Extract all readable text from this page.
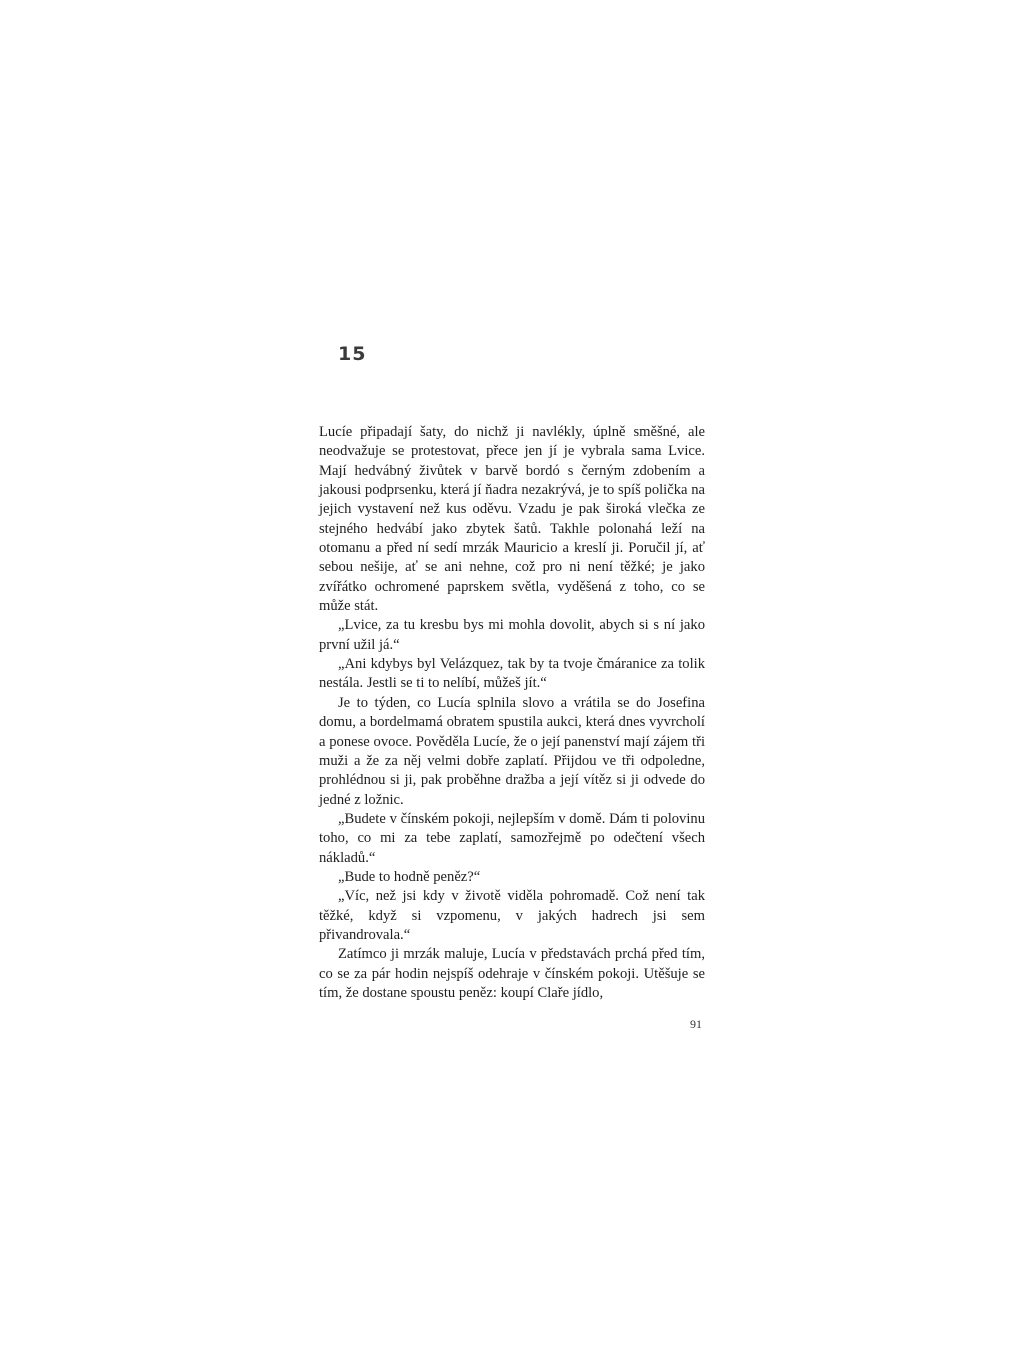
15

Lucíe připadají šaty, do nichž ji navlékly, úplně směšné, ale neodvažuje se protestovat, přece jen jí je vybrala sama Lvice. Mají hedvábný živůtek v barvě bordó s černým zdobením a jakousi podprsenku, která jí ňadra nezakrývá, je to spíš polička na jejich vystavení než kus oděvu. Vzadu je pak široká vlečka ze stejného hedvábí jako zbytek šatů. Takhle polonahá leží na otomanu a před ní sedí mrzák Mauricio a kreslí ji. Poručil jí, ať sebou nešije, ať se ani nehne, což pro ni není těžké; je jako zvířátko ochromené paprskem světla, vyděšená z toho, co se může stát.

„Lvice, za tu kresbu bys mi mohla dovolit, abych si s ní jako první užil já.“

„Ani kdybys byl Velázquez, tak by ta tvoje čmáranice za tolik nestála. Jestli se ti to nelíbí, můžeš jít.“

Je to týden, co Lucía splnila slovo a vrátila se do Josefina domu, a bordelmamá obratem spustila aukci, která dnes vyvrcholí a ponese ovoce. Pověděla Lucíe, že o její panenství mají zájem tři muži a že za něj velmi dobře zaplatí. Přijdou ve tři odpoledne, prohlédnou si ji, pak proběhne dražba a její vítěz si ji odvede do jedné z ložnic.

„Budete v čínském pokoji, nejlepším v domě. Dám ti polovinu toho, co mi za tebe zaplatí, samozřejmě po odečtení všech nákladů.“

„Bude to hodně peněz?“

„Víc, než jsi kdy v životě viděla pohromadě. Což není tak těžké, když si vzpomenu, v jakých hadrech jsi sem přivandrovala.“

Zatímco ji mrzák maluje, Lucía v představách prchá před tím, co se za pár hodin nejspíš odehraje v čínském pokoji. Utěšuje se tím, že dostane spoustu peněz: koupí Claře jídlo,

91
